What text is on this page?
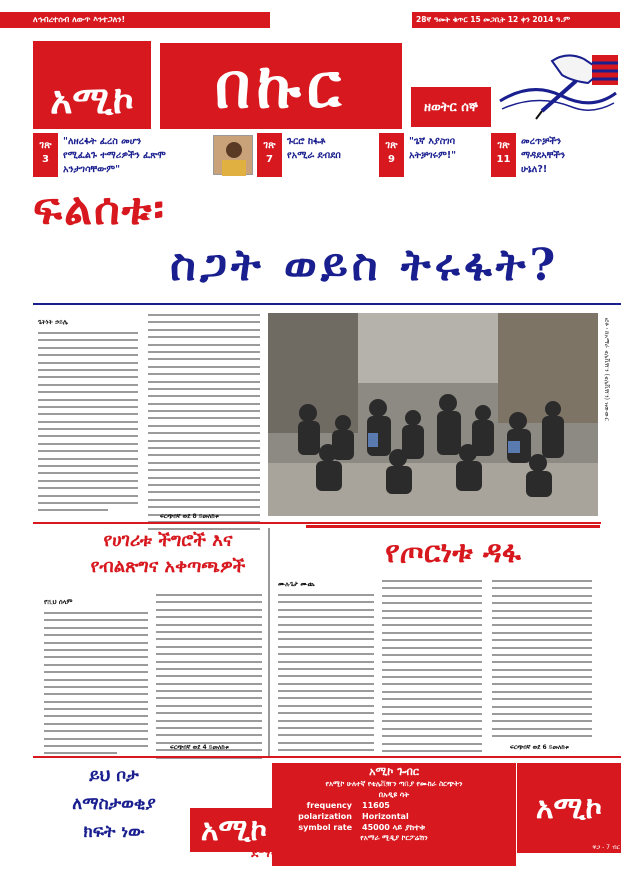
ለኅብረተሰብ ለውጥ እንተጋለን!	28ኛ ዓመት ቁጥር 15 መጋቢት 12 ቀን 2014 ዓ.ም
አሚኮ	በኩር	ዘወትር ሰኞ
ገጽ
3
"ለዘረፋት ፈረስ መሆን
የሚፈልጉ ተማሪዎችን ፈጽሞ
አንታገሳቸውም"
ገጽ
7
ጉርሮ ከፋቶ
የአሚራ ደብደበ
ገጽ
9
"ጌኛ እያስገባ
አትቻገሩም!"
ገጽ
11
መረጥቻችን
ማዳደኣቸችን
ሁኔለ?!
ፍልሰቱ፡
ስጋት ወይስ ትሩፋት?
ጌትነት ኃይሌ
ፍርጭበኛ ወደ 8 ይመለከቱ
ፎቶ ፡ ከአማራ ቴሌቪዥን (ቴሌቪዥን) ዝውውር
የሀገሪቱ ችግሮች እና
የብልጽግና አቀጣጫዎች
የሺህ ሰላም
ፍርጭበኛ ወደ 4 ይመለከቱ
የጦርነቱ ዳፋ
ሙሉጌታ ሙጨ
ፍርጭበኛ ወደ 6 ይመለከቱ
ይህ ቦታ
ለማስታወቂያ
ክፍት ነው	አሚኮ
አሚኮ ጉብር
የአሚኮ ሁለተኛ የቴሌቪዥን ጣቢያ የሙከራ ስርጭትን
በአዲዩ ሳት
frequency	11605
polarization	Horizontal
symbol rate	45000 ላይ ያከተቱ
የአማራ ሚዲያ ኮርፖሬሽን
አሚኮ
ዋጋ - 7 ብር
ደማቅ ታሪካችንን እናስቀጥላለን!
